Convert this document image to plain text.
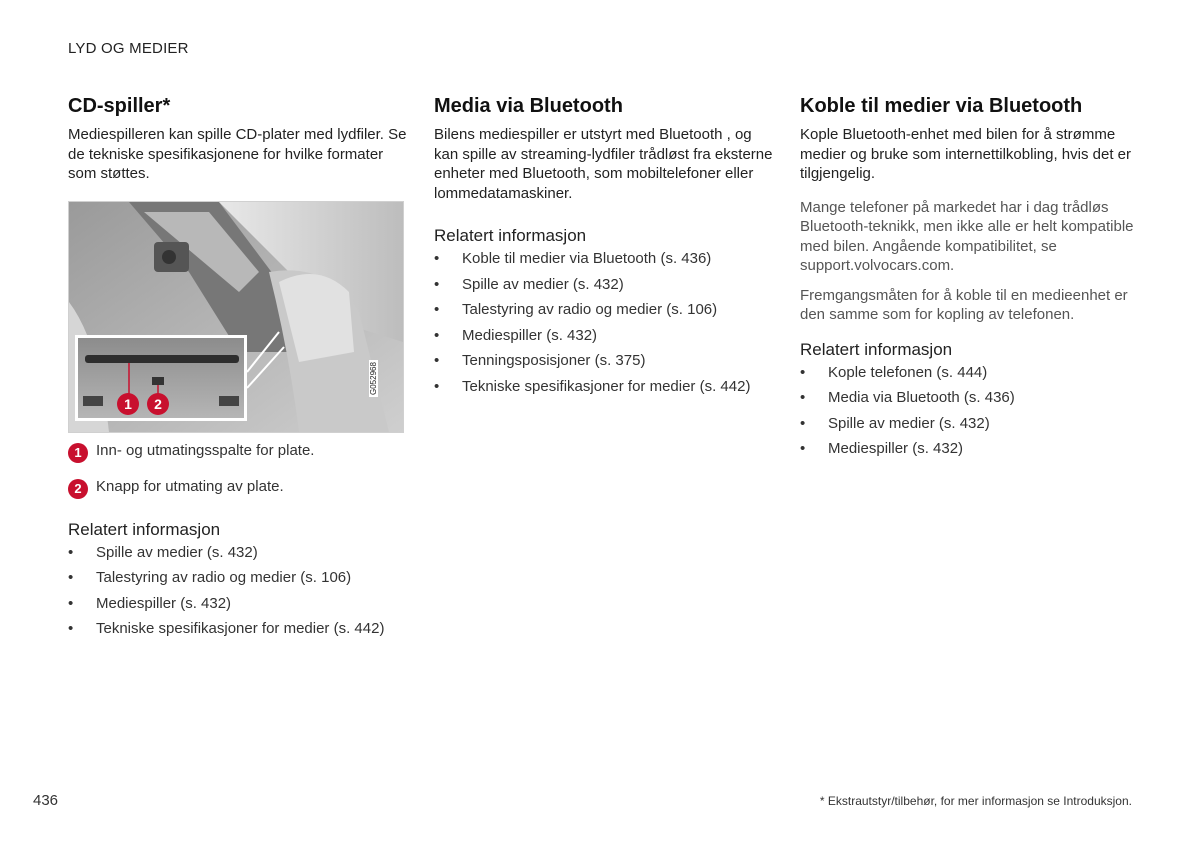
LYD OG MEDIER
CD-spiller*

Mediespilleren kan spille CD-plater med lydfiler. Se de tekniske spesifikasjonene for hvilke formater som støttes.

1	2
G052968
1 Inn- og utmatingsspalte for plate.
2 Knapp for utmating av plate.
Relatert informasjon
• Spille av medier (s. 432)
• Talestyring av radio og medier (s. 106)
• Mediespiller (s. 432)
• Tekniske spesifikasjoner for medier (s. 442)
Media via Bluetooth

Bilens mediespiller er utstyrt med Bluetooth , og kan spille av streaming-lydfiler trådløst fra eksterne enheter med Bluetooth, som mobiltelefoner eller lommedatamaskiner.

Relatert informasjon
• Koble til medier via Bluetooth (s. 436)
• Spille av medier (s. 432)
• Talestyring av radio og medier (s. 106)
• Mediespiller (s. 432)
• Tenningsposisjoner (s. 375)
• Tekniske spesifikasjoner for medier (s. 442)
Koble til medier via Bluetooth

Kople Bluetooth-enhet med bilen for å strømme medier og bruke som internettilkobling, hvis det er tilgjengelig.

Mange telefoner på markedet har i dag trådløs Bluetooth-teknikk, men ikke alle er helt kompatible med bilen. Angående kompatibilitet, se support.volvocars.com.

Fremgangsmåten for å koble til en medieenhet er den samme som for kopling av telefonen.

Relatert informasjon
• Kople telefonen (s. 444)
• Media via Bluetooth (s. 436)
• Spille av medier (s. 432)
• Mediespiller (s. 432)
436	* Ekstrautstyr/tilbehør, for mer informasjon se Introduksjon.
